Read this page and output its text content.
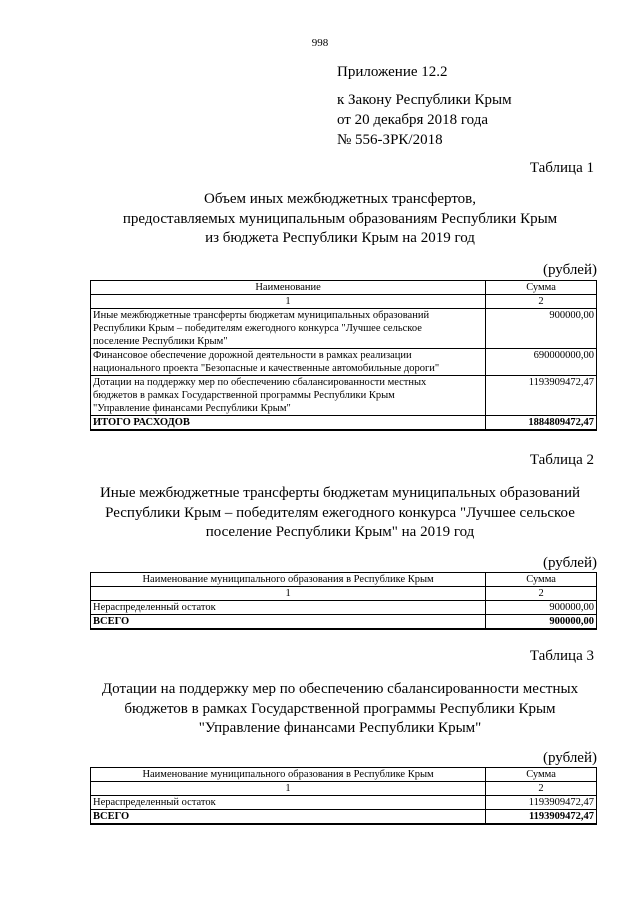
998
Приложение 12.2
к Закону Республики Крым
от 20 декабря 2018 года
№ 556-ЗРК/2018
Таблица 1
Объем иных межбюджетных трансфертов,
предоставляемых муниципальным образованиям Республики Крым
из бюджета Республики Крым на 2019 год
(рублей)
Наименование	Сумма
1	2

Иные межбюджетные трансферты бюджетам муниципальных образований
Республики Крым – победителям ежегодного конкурса "Лучшее сельское
поселение Республики Крым"	900000,00

Финансовое обеспечение дорожной деятельности в рамках реализации
национального проекта "Безопасные и качественные автомобильные дороги"	690000000,00

Дотации на поддержку мер по обеспечению сбалансированности местных
бюджетов в рамках Государственной программы Республики Крым
"Управление финансами Республики Крым"	1193909472,47
ИТОГО РАСХОДОВ	1884809472,47
Таблица 2
Иные межбюджетные трансферты бюджетам муниципальных образований
Республики Крым – победителям ежегодного конкурса "Лучшее сельское
поселение Республики Крым" на 2019 год
(рублей)
Наименование муниципального образования в Республике Крым	Сумма
1	2
Нераспределенный остаток	900000,00
ВСЕГО	900000,00
Таблица 3
Дотации на поддержку мер по обеспечению сбалансированности местных
бюджетов в рамках Государственной программы Республики Крым
"Управление финансами Республики Крым"
(рублей)
Наименование муниципального образования в Республике Крым	Сумма
1	2
Нераспределенный остаток	1193909472,47
ВСЕГО	1193909472,47
